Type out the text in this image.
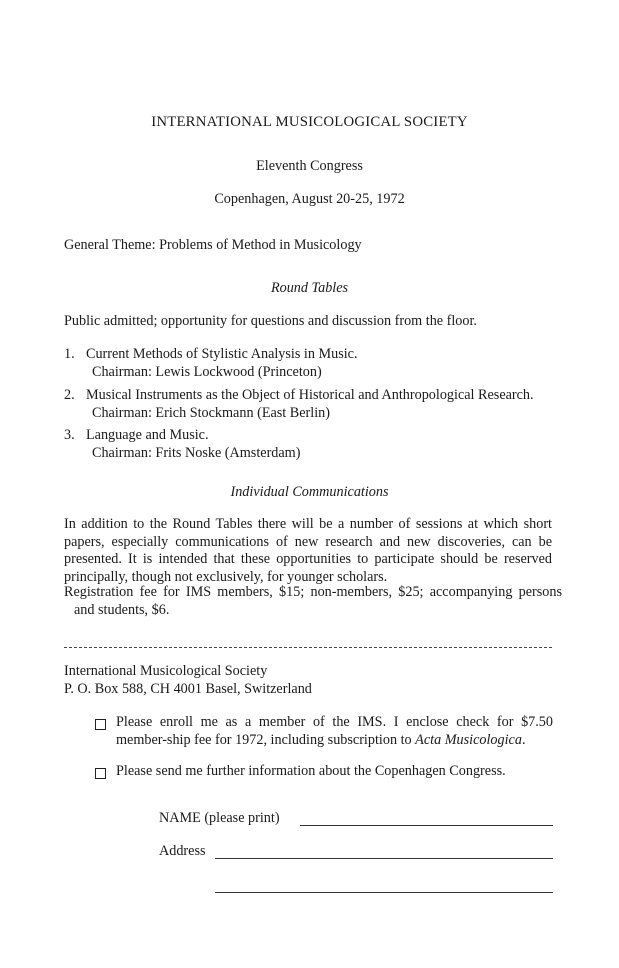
INTERNATIONAL MUSICOLOGICAL SOCIETY
Eleventh Congress
Copenhagen, August 20-25, 1972
General Theme: Problems of Method in Musicology
Round Tables
Public admitted; opportunity for questions and discussion from the floor.
1. Current Methods of Stylistic Analysis in Music.
Chairman: Lewis Lockwood (Princeton)
2. Musical Instruments as the Object of Historical and Anthropological Research.
Chairman: Erich Stockmann (East Berlin)
3. Language and Music.
Chairman: Frits Noske (Amsterdam)
Individual Communications
In addition to the Round Tables there will be a number of sessions at which short papers, especially communications of new research and new discoveries, can be presented. It is intended that these opportunities to participate should be reserved principally, though not exclusively, for younger scholars.
Registration fee for IMS members, $15; non-members, $25; accompanying persons and students, $6.
International Musicological Society
P. O. Box 588, CH 4001 Basel, Switzerland
Please enroll me as a member of the IMS. I enclose check for $7.50 member-ship fee for 1972, including subscription to Acta Musicologica.
Please send me further information about the Copenhagen Congress.
NAME (please print)
Address
